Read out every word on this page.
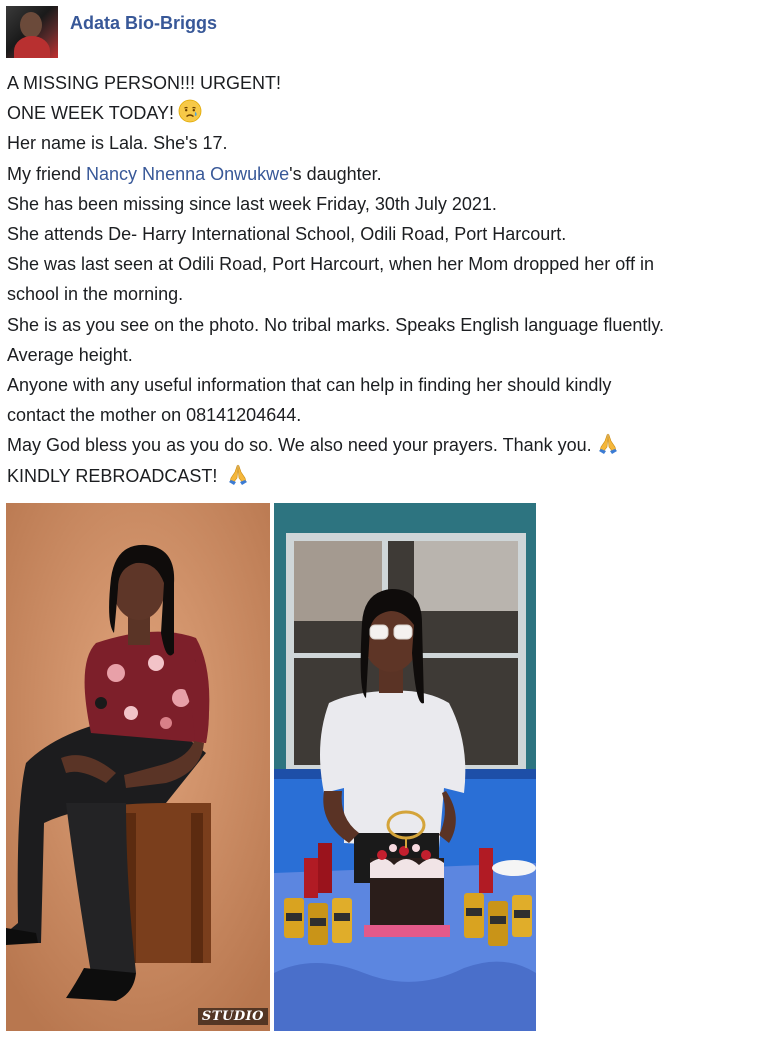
Adata Bio-Briggs
A MISSING PERSON!!! URGENT!
ONE WEEK TODAY!
Her name is Lala. She's 17.
My friend Nancy Nnenna Onwukwe's daughter.
She has been missing since last week Friday, 30th July 2021.
She attends De- Harry International School, Odili Road, Port Harcourt.
She was last seen at Odili Road, Port Harcourt, when her Mom dropped her off in
school in the morning.
She is as you see on the photo. No tribal marks. Speaks English language fluently.
Average height.
Anyone with any useful information that can help in finding her should kindly
contact the mother on 08141204644.
May God bless you as you do so. We also need your prayers. Thank you.
KINDLY REBROADCAST!
STUDIO
